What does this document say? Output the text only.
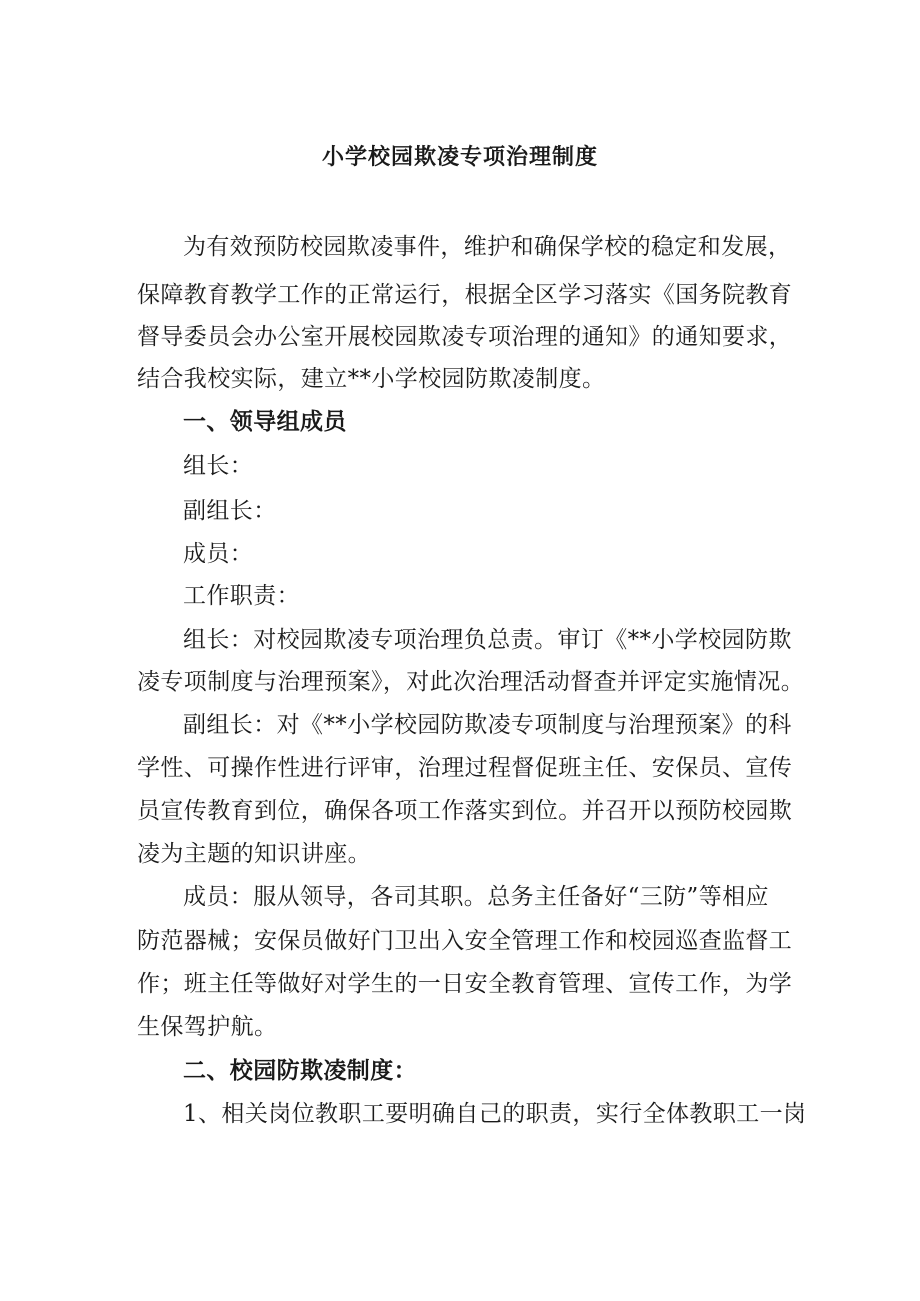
小学校园欺凌专项治理制度
为有效预防校园欺凌事件，维护和确保学校的稳定和发展，
保障教育教学工作的正常运行，根据全区学习落实《国务院教育
督导委员会办公室开展校园欺凌专项治理的通知》的通知要求，
结合我校实际，建立**小学校园防欺凌制度。
一、领导组成员
组长：
副组长：
成员：
工作职责：
组长：对校园欺凌专项治理负总责。审订《**小学校园防欺
凌专项制度与治理预案》，对此次治理活动督查并评定实施情况。
副组长：对《**小学校园防欺凌专项制度与治理预案》的科
学性、可操作性进行评审，治理过程督促班主任、安保员、宣传
员宣传教育到位，确保各项工作落实到位。并召开以预防校园欺
凌为主题的知识讲座。
成员：服从领导，各司其职。总务主任备好“三防”等相应
防范器械；安保员做好门卫出入安全管理工作和校园巡查监督工
作；班主任等做好对学生的一日安全教育管理、宣传工作，为学
生保驾护航。
二、校园防欺凌制度：
1、相关岗位教职工要明确自己的职责，实行全体教职工一岗
